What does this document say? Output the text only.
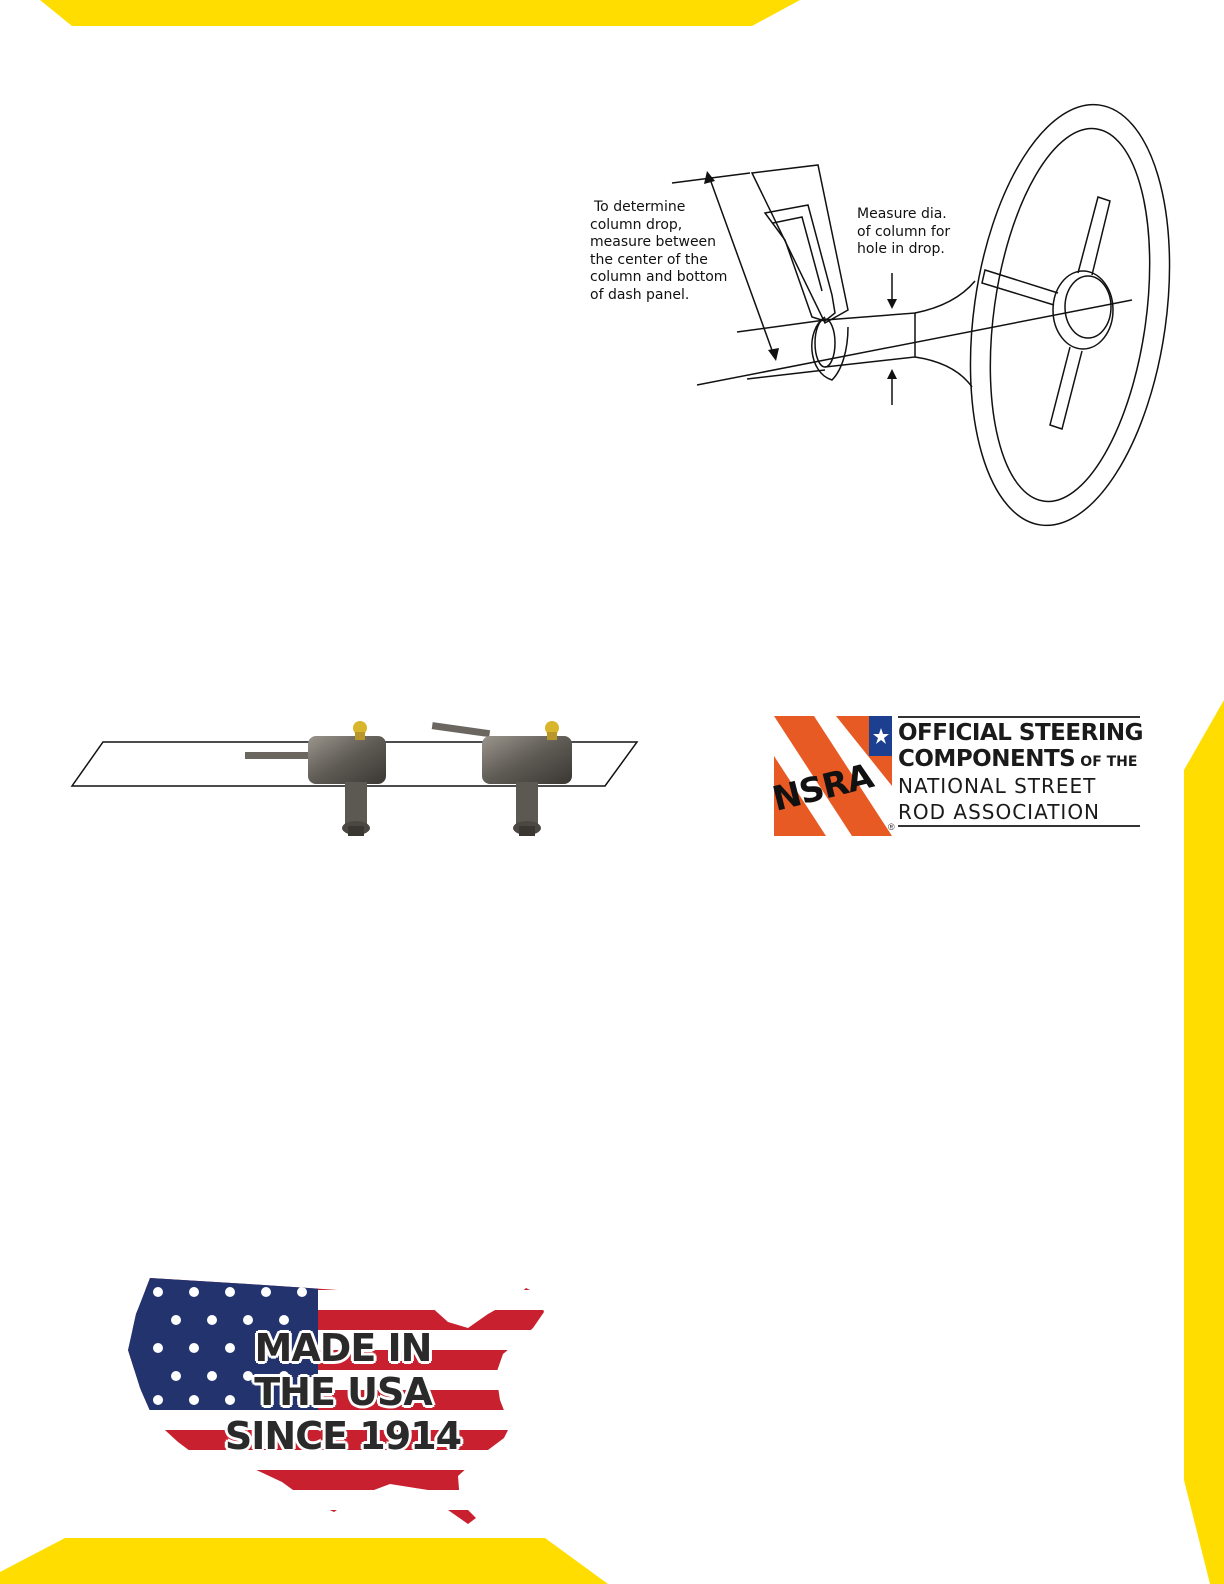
To determine
column drop,
measure between
the center of the
column and bottom
of dash panel.
Measure dia.
of column for
hole in drop.
NSRA
®
OFFICIAL STEERING
COMPONENTS OF THE
NATIONAL STREET
ROD ASSOCIATION
MADE IN
THE USA
SINCE 1914
